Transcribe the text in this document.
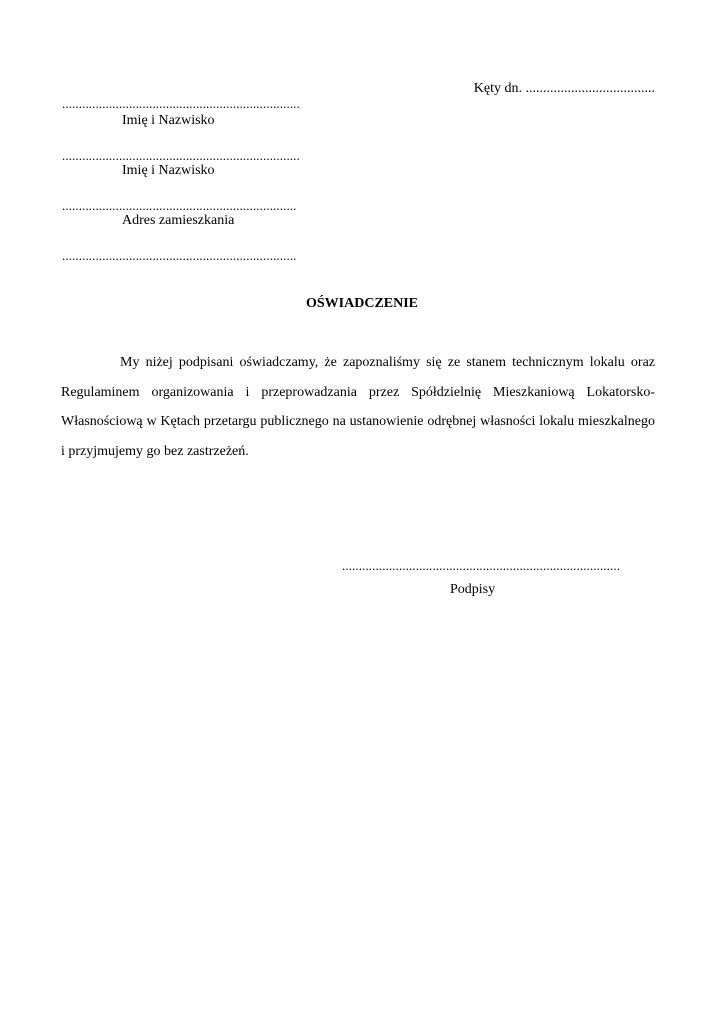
Kęty dn. .....................................
.......................................................................
Imię i Nazwisko
.......................................................................
Imię i Nazwisko
......................................................................
Adres zamieszkania
......................................................................
OŚWIADCZENIE
My niżej podpisani oświadczamy, że zapoznaliśmy się ze stanem technicznym lokalu oraz Regulaminem organizowania i przeprowadzania przez Spółdzielnię Mieszkaniową Lokatorsko-Własnościową w Kętach przetargu publicznego na ustanowienie odrębnej własności lokalu mieszkalnego i przyjmujemy go bez zastrzeżeń.
...................................................................................
Podpisy
